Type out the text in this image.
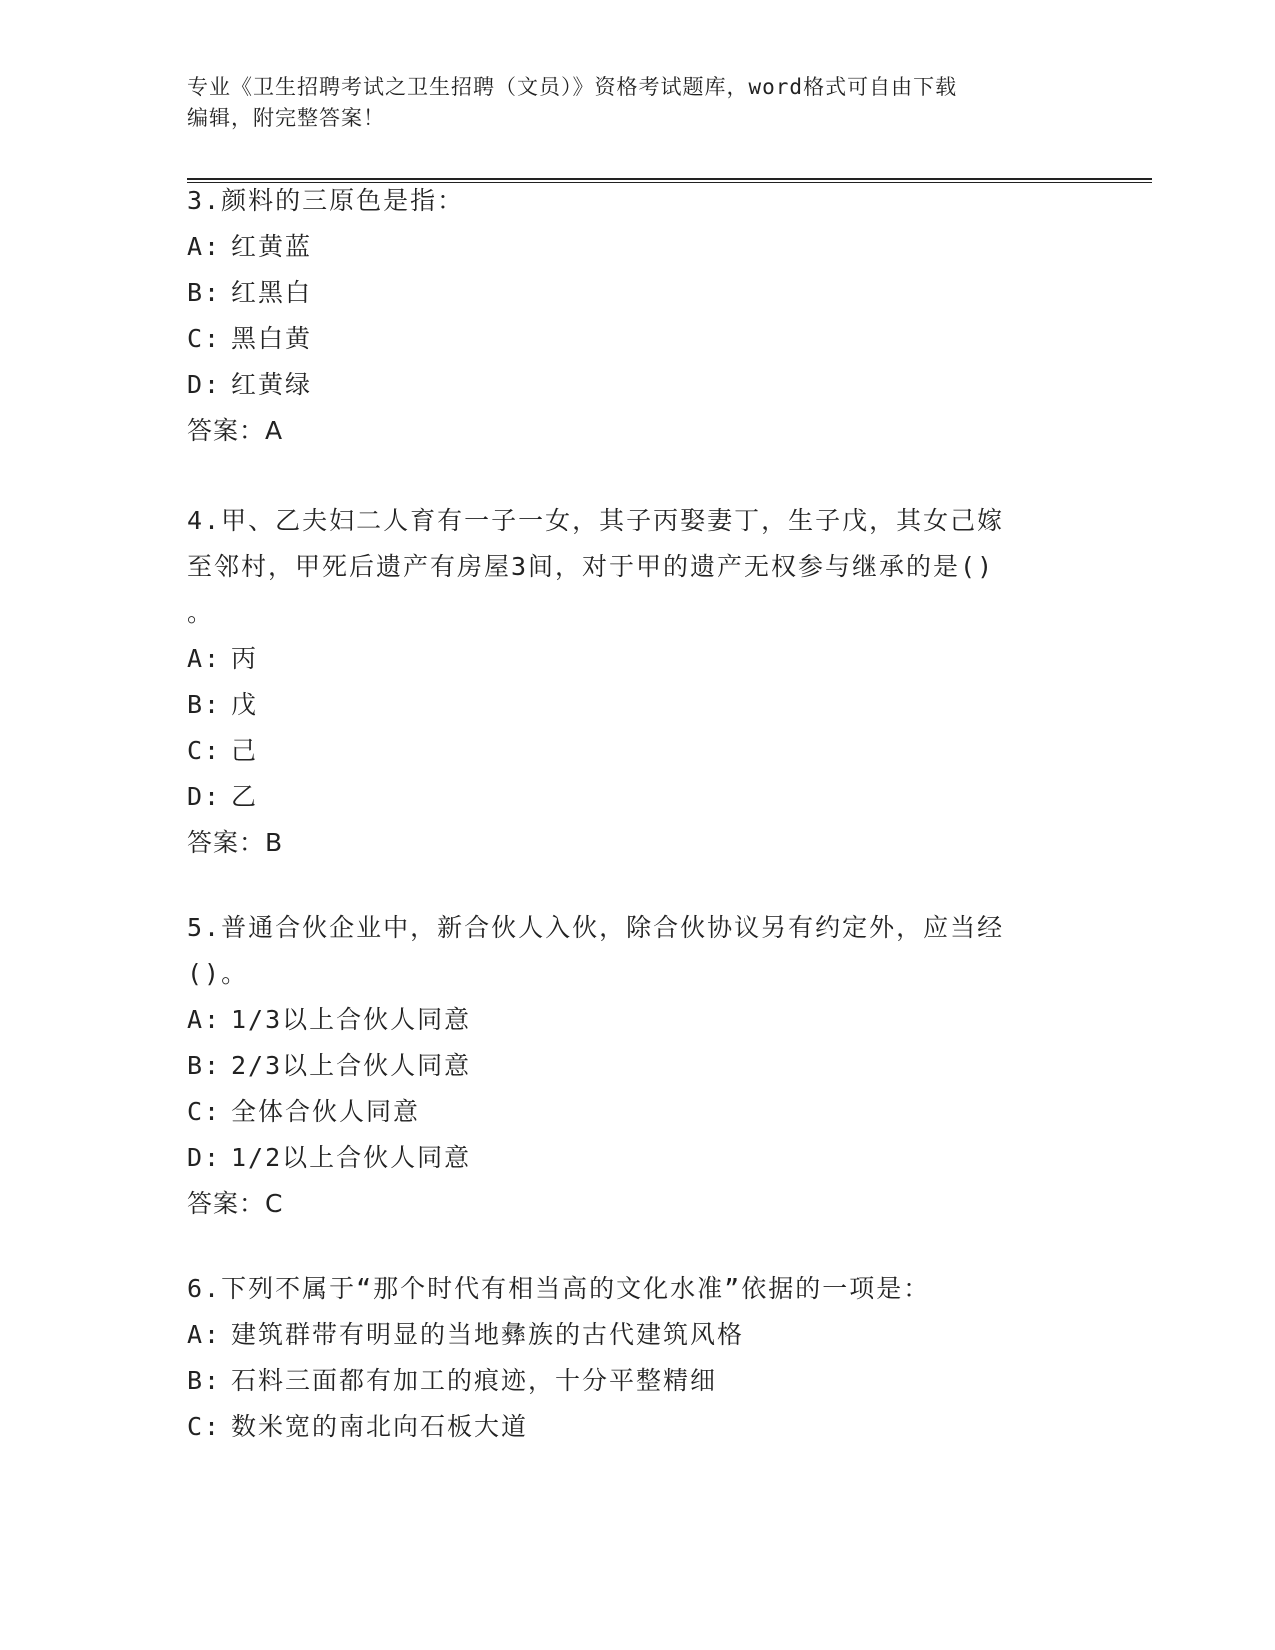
专业《卫生招聘考试之卫生招聘（文员）》资格考试题库，word格式可自由下载
编辑，附完整答案！
3.颜料的三原色是指：
A: 红黄蓝
B: 红黑白
C: 黑白黄
D: 红黄绿
答案：A
4.甲、乙夫妇二人育有一子一女，其子丙娶妻丁，生子戊，其女己嫁
至邻村，甲死后遗产有房屋3间，对于甲的遗产无权参与继承的是()
。
A: 丙
B: 戊
C: 己
D: 乙
答案：B
5.普通合伙企业中，新合伙人入伙，除合伙协议另有约定外，应当经
()。
A: 1/3以上合伙人同意
B: 2/3以上合伙人同意
C: 全体合伙人同意
D: 1/2以上合伙人同意
答案：C
6.下列不属于“那个时代有相当高的文化水准”依据的一项是：
A: 建筑群带有明显的当地彝族的古代建筑风格
B: 石料三面都有加工的痕迹，十分平整精细
C: 数米宽的南北向石板大道
